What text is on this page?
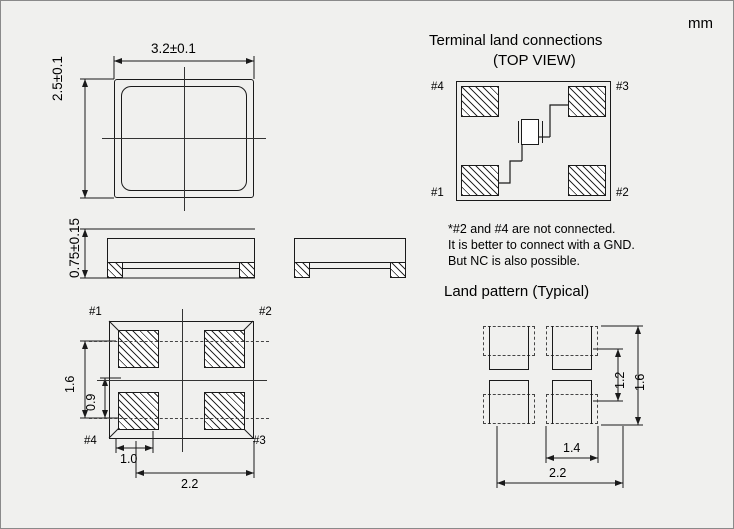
mm
3.2±0.1
2.5±0.1
0.75±0.15
#1	#2
#3
#4
1.6
0.9
1.0
2.2
Terminal land connections
(TOP VIEW)
#4	#3
#1	#2
*#2 and #4 are not connected.
It is better to connect with a GND.
But NC is also possible.
Land pattern (Typical)
1.6
1.2
1.4
2.2
